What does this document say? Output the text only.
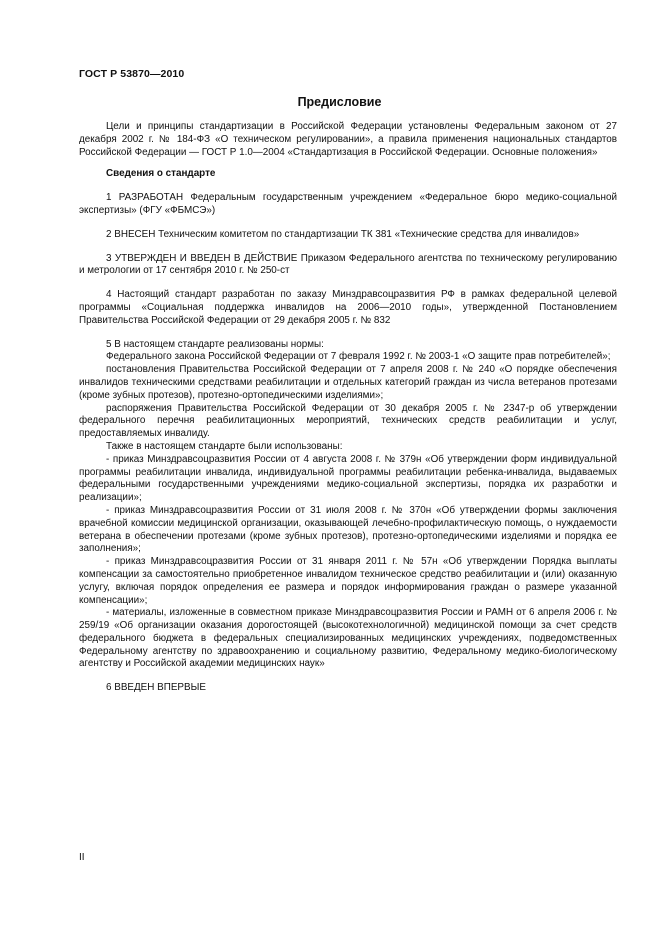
ГОСТ Р 53870—2010
Предисловие

Цели и принципы стандартизации в Российской Федерации установлены Федеральным законом от 27 декабря 2002 г. № 184-ФЗ «О техническом регулировании», а правила применения национальных стандартов Российской Федерации — ГОСТ Р 1.0—2004 «Стандартизация в Российской Федерации. Основные положения»

Сведения о стандарте

1 РАЗРАБОТАН Федеральным государственным учреждением «Федеральное бюро медико-социальной экспертизы» (ФГУ «ФБМСЭ»)

2 ВНЕСЕН Техническим комитетом по стандартизации ТК 381 «Технические средства для инвалидов»

3 УТВЕРЖДЕН И ВВЕДЕН В ДЕЙСТВИЕ Приказом Федерального агентства по техническому регулированию и метрологии от 17 сентября 2010 г. № 250-ст

4 Настоящий стандарт разработан по заказу Минздравсоцразвития РФ в рамках федеральной целевой программы «Социальная поддержка инвалидов на 2006—2010 годы», утвержденной Постановлением Правительства Российской Федерации от 29 декабря 2005 г. № 832

5 В настоящем стандарте реализованы нормы:

Федерального закона Российской Федерации от 7 февраля 1992 г. № 2003-1 «О защите прав потребителей»;

постановления Правительства Российской Федерации от 7 апреля 2008 г. № 240 «О порядке обеспечения инвалидов техническими средствами реабилитации и отдельных категорий граждан из числа ветеранов протезами (кроме зубных протезов), протезно-ортопедическими изделиями»;

распоряжения Правительства Российской Федерации от 30 декабря 2005 г. № 2347-р об утверждении федерального перечня реабилитационных мероприятий, технических средств реабилитации и услуг, предоставляемых инвалиду.

Также в настоящем стандарте были использованы:

- приказ Минздравсоцразвития России от 4 августа 2008 г. № 379н «Об утверждении форм индивидуальной программы реабилитации инвалида, индивидуальной программы реабилитации ребенка-инвалида, выдаваемых федеральными государственными учреждениями медико-социальной экспертизы, порядка их разработки и реализации»;

- приказ Минздравсоцразвития России от 31 июля 2008 г. № 370н «Об утверждении формы заключения врачебной комиссии медицинской организации, оказывающей лечебно-профилактическую помощь, о нуждаемости ветерана в обеспечении протезами (кроме зубных протезов), протезно-ортопедическими изделиями и порядка ее заполнения»;

- приказ Минздравсоцразвития России от 31 января 2011 г. № 57н «Об утверждении Порядка выплаты компенсации за самостоятельно приобретенное инвалидом техническое средство реабилитации и (или) оказанную услугу, включая порядок определения ее размера и порядок информирования граждан о размере указанной компенсации»;

- материалы, изложенные в совместном приказе Минздравсоцразвития России и РАМН от 6 апреля 2006 г. № 259/19 «Об организации оказания дорогостоящей (высокотехнологичной) медицинской помощи за счет средств федерального бюджета в федеральных специализированных медицинских учреждениях, подведомственных Федеральному агентству по здравоохранению и социальному развитию, Федеральному медико-биологическому агентству и Российской академии медицинских наук»

6 ВВЕДЕН ВПЕРВЫЕ

II
